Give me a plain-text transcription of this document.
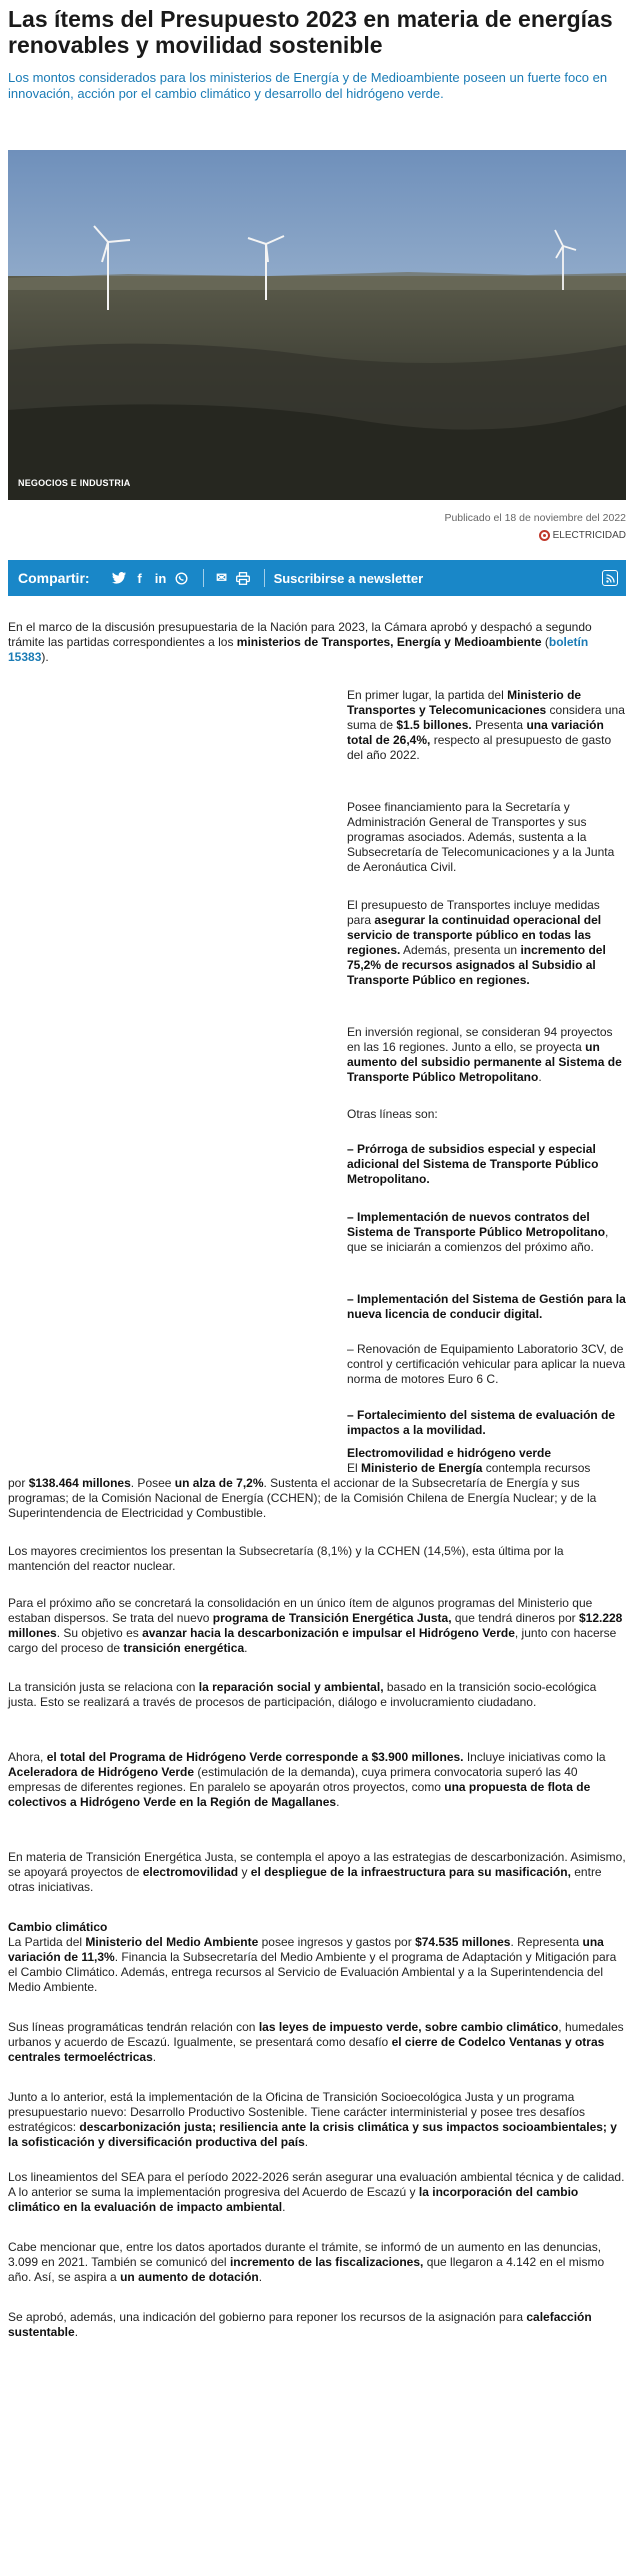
Las ítems del Presupuesto 2023 en materia de energías renovables y movilidad sostenible

Los montos considerados para los ministerios de Energía y de Medioambiente poseen un fuerte foco en innovación, acción por el cambio climático y desarrollo del hidrógeno verde.

NEGOCIOS E INDUSTRIA
Publicado el 18 de noviembre del 2022
ELECTRICIDAD
Compartir:	f	in	✉	Suscribirse a newsletter

En el marco de la discusión presupuestaria de la Nación para 2023, la Cámara aprobó y despachó a segundo trámite las partidas correspondientes a los ministerios de Transportes, Energía y Medioambiente (boletín 15383).

En primer lugar, la partida del Ministerio de Transportes y Telecomunicaciones considera una suma de $1.5 billones. Presenta una variación total de 26,4%, respecto al presupuesto de gasto del año 2022.

Posee financiamiento para la Secretaría y Administración General de Transportes y sus programas asociados. Además, sustenta a la Subsecretaría de Telecomunicaciones y a la Junta de Aeronáutica Civil.

El presupuesto de Transportes incluye medidas para asegurar la continuidad operacional del servicio de transporte público en todas las regiones. Además, presenta un incremento del 75,2% de recursos asignados al Subsidio al Transporte Público en regiones.

En inversión regional, se consideran 94 proyectos en las 16 regiones. Junto a ello, se proyecta un aumento del subsidio permanente al Sistema de Transporte Público Metropolitano.

Otras líneas son:

– Prórroga de subsidios especial y especial adicional del Sistema de Transporte Público Metropolitano.

– Implementación de nuevos contratos del Sistema de Transporte Público Metropolitano, que se iniciarán a comienzos del próximo año.

– Implementación del Sistema de Gestión para la nueva licencia de conducir digital.

– Renovación de Equipamiento Laboratorio 3CV, de control y certificación vehicular para aplicar la nueva norma de motores Euro 6 C.

– Fortalecimiento del sistema de evaluación de impactos a la movilidad.

Electromovilidad e hidrógeno verde

El Ministerio de Energía contempla recursos

por $138.464 millones. Posee un alza de 7,2%. Sustenta el accionar de la Subsecretaría de Energía y sus programas; de la Comisión Nacional de Energía (CCHEN); de la Comisión Chilena de Energía Nuclear; y de la Superintendencia de Electricidad y Combustible.

Los mayores crecimientos los presentan la Subsecretaría (8,1%) y la CCHEN (14,5%), esta última por la mantención del reactor nuclear.

Para el próximo año se concretará la consolidación en un único ítem de algunos programas del Ministerio que estaban dispersos. Se trata del nuevo programa de Transición Energética Justa, que tendrá dineros por $12.228 millones. Su objetivo es avanzar hacia la descarbonización e impulsar el Hidrógeno Verde, junto con hacerse cargo del proceso de transición energética.

La transición justa se relaciona con la reparación social y ambiental, basado en la transición socio-ecológica justa. Esto se realizará a través de procesos de participación, diálogo e involucramiento ciudadano.

Ahora, el total del Programa de Hidrógeno Verde corresponde a $3.900 millones. Incluye iniciativas como la Aceleradora de Hidrógeno Verde (estimulación de la demanda), cuya primera convocatoria superó las 40 empresas de diferentes regiones. En paralelo se apoyarán otros proyectos, como una propuesta de flota de colectivos a Hidrógeno Verde en la Región de Magallanes.

En materia de Transición Energética Justa, se contempla el apoyo a las estrategias de descarbonización. Asimismo, se apoyará proyectos de electromovilidad y el despliegue de la infraestructura para su masificación, entre otras iniciativas.

Cambio climático

La Partida del Ministerio del Medio Ambiente posee ingresos y gastos por $74.535 millones. Representa una variación de 11,3%. Financia la Subsecretaría del Medio Ambiente y el programa de Adaptación y Mitigación para el Cambio Climático. Además, entrega recursos al Servicio de Evaluación Ambiental y a la Superintendencia del Medio Ambiente.

Sus líneas programáticas tendrán relación con las leyes de impuesto verde, sobre cambio climático, humedales urbanos y acuerdo de Escazú. Igualmente, se presentará como desafío el cierre de Codelco Ventanas y otras centrales termoeléctricas.

Junto a lo anterior, está la implementación de la Oficina de Transición Socioecológica Justa y un programa presupuestario nuevo: Desarrollo Productivo Sostenible. Tiene carácter interministerial y posee tres desafíos estratégicos: descarbonización justa; resiliencia ante la crisis climática y sus impactos socioambientales; y la sofisticación y diversificación productiva del país.

Los lineamientos del SEA para el período 2022-2026 serán asegurar una evaluación ambiental técnica y de calidad. A lo anterior se suma la implementación progresiva del Acuerdo de Escazú y la incorporación del cambio climático en la evaluación de impacto ambiental.

Cabe mencionar que, entre los datos aportados durante el trámite, se informó de un aumento en las denuncias, 3.099 en 2021. También se comunicó del incremento de las fiscalizaciones, que llegaron a 4.142 en el mismo año. Así, se aspira a un aumento de dotación.

Se aprobó, además, una indicación del gobierno para reponer los recursos de la asignación para calefacción sustentable.
